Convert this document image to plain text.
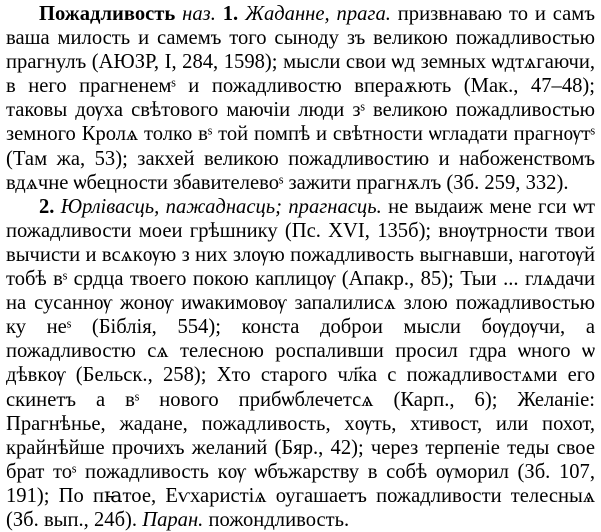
Пожадливость наз. 1. Жаданне, прага. призвнаваю то и самъ ваша милость и самемъ того сыноду зъ великою пожадливостью прагнулъ (АЮЗР, І, 284, 1598); мысли свои ѡд земных ѡдтѧгаючи, в него прагненемˢ и пожадливостю впераѫють (Мак., 47–48); таковы дѹха свѣтового маючіи люди зˢ великою пожадливостью земного Кролѧ толко вˢ той помпѣ и свѣтности ѡгладати прагнѹтˢ (Там жа, 53); закхей великою пожадливостию и набоженствомъ вдѧчне ѡбецности збавителевоˢ зажити прагнѫлъ (Зб. 259, 332).

2. Юрлівасць, пажаднасць; прагнасць. не выдаиж мене гси ѡт пожадливости моеи грѣшнику (Пс. XVI, 135б); внѹтрности твои вычисти и всѧкѹю з них злѹю пожадливость выгнавши, наготѹй тобѣ вˢ срдца твоего покою каплицѹ (Апакр., 85); Тыи ... глѧдачи на сусаннѹ жонѹ иѡакимовѹ запалилисѧ злою пожадливостью ку неˢ (Біблія, 554); конста доброи мысли бѹдѹчи, а пожадливостю сѧ телесною роспаливши просил гдра ѡного ѡ дѣвкѹ (Бельск., 258); Хто старого чл҃ка с пожадливостѧми его скинетъ а вˢ нового прибѡблечетсѧ (Карп., 6); Желаніе: Прагнѣнье, жадане, пожадливость, хѹть, хтивост, или похот, крайнѣйше прочихъ желаний (Бяр., 42); через терпеніе теды свое брат тоˢ пожадливость кѹ ѡбъжарству в собѣ ѹморил (Зб. 107, 191); По пꙗтое, Еѵхаристіѧ оугашаетъ пожадливости телесныѧ (Зб. вып., 24б). Паран. пожондливость.
